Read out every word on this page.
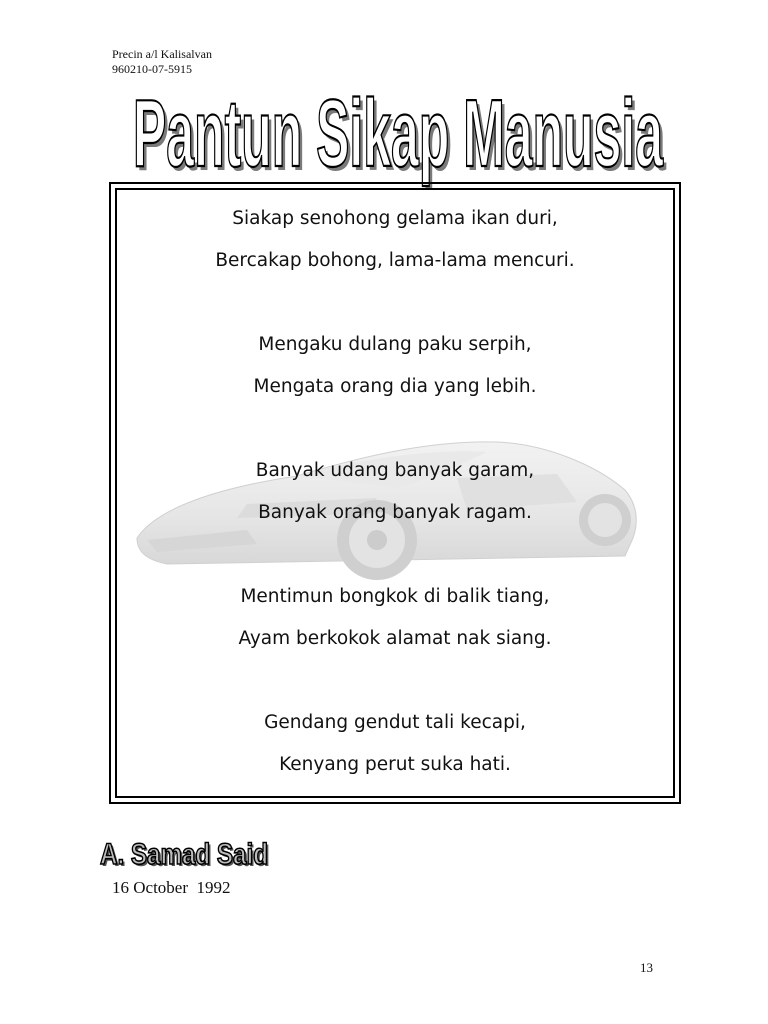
Precin a/l Kalisalvan
960210-07-5915
Pantun Sikap Manusia
Pantun Sikap Manusia
Siakap senohong gelama ikan duri,
Bercakap bohong, lama-lama mencuri.
Mengaku dulang paku serpih,
Mengata orang dia yang lebih.
Banyak udang banyak garam,
Banyak orang banyak ragam.
Mentimun bongkok di balik tiang,
Ayam berkokok alamat nak siang.
Gendang gendut tali kecapi,
Kenyang perut suka hati.
A. Samad Said
A. Samad Said
16 October  1992
13
